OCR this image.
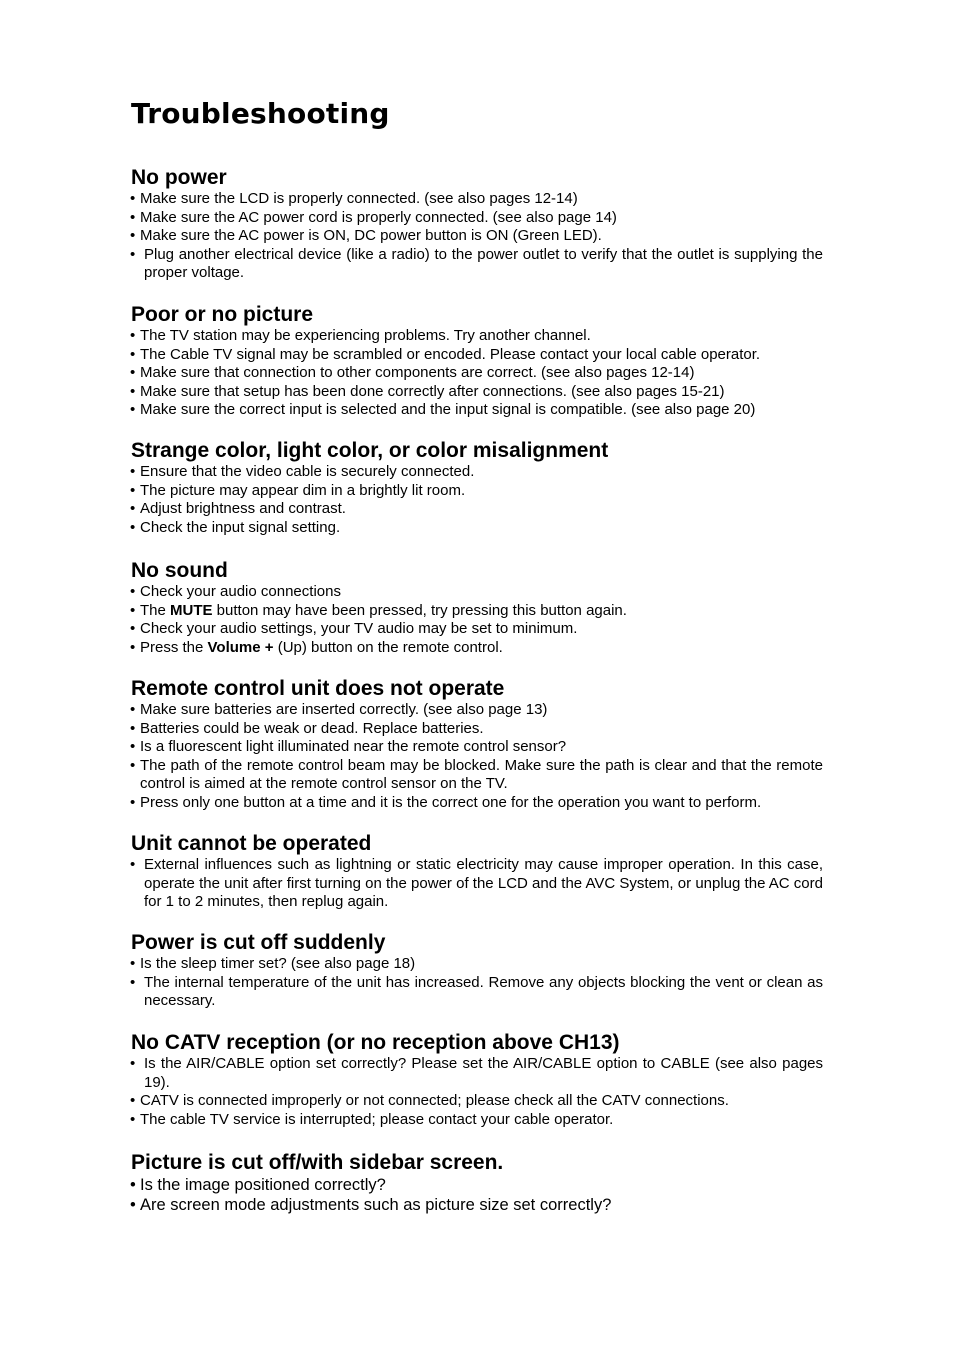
Troubleshooting
No power
• Make sure the LCD is properly connected. (see also pages 12-14)
• Make sure the AC power cord is properly connected. (see also page 14)
• Make sure the AC power is ON, DC power button is ON (Green LED).
• Plug another electrical device (like a radio) to the power outlet to verify that the outlet is supplying the proper voltage.
Poor or no picture
• The TV station may be experiencing problems. Try another channel.
• The Cable TV signal may be scrambled or encoded. Please contact your local cable operator.
• Make sure that connection to other components are correct. (see also pages 12-14)
• Make sure that setup has been done correctly after connections. (see also pages 15-21)
• Make sure the correct input is selected and the input signal is compatible. (see also page 20)
Strange color, light color, or color misalignment
• Ensure that the video cable is securely connected.
• The picture may appear dim in a brightly lit room.
• Adjust brightness and contrast.
• Check the input signal setting.
No sound
• Check your audio connections
• The MUTE button may have been pressed, try pressing this button again.
• Check your audio settings, your TV audio may be set to minimum.
• Press the Volume + (Up) button on the remote control.
Remote control unit does not operate
• Make sure batteries are inserted correctly. (see also page 13)
• Batteries could be weak or dead. Replace batteries.
• Is a fluorescent light illuminated near the remote control sensor?
• The path of the remote control beam may be blocked. Make sure the path is clear and that the remote control is aimed at the remote control sensor on the TV.
• Press only one button at a time and it is the correct one for the operation you want to perform.
Unit cannot be operated
• External influences such as lightning or static electricity may cause improper operation. In this case, operate the unit after first turning on the power of the LCD and the AVC System, or unplug the AC cord for 1 to 2 minutes, then replug again.
Power is cut off suddenly
• Is the sleep timer set? (see also page 18)
• The internal temperature of the unit has increased. Remove any objects blocking the vent or clean as necessary.
No CATV reception (or no reception above CH13)
• Is the AIR/CABLE option set correctly? Please set the AIR/CABLE option to CABLE (see also pages 19).
• CATV is connected improperly or not connected; please check all the CATV connections.
• The cable TV service is interrupted; please contact your cable operator.
Picture is cut off/with sidebar screen.
• Is the image positioned correctly?
• Are screen mode adjustments such as picture size set correctly?
